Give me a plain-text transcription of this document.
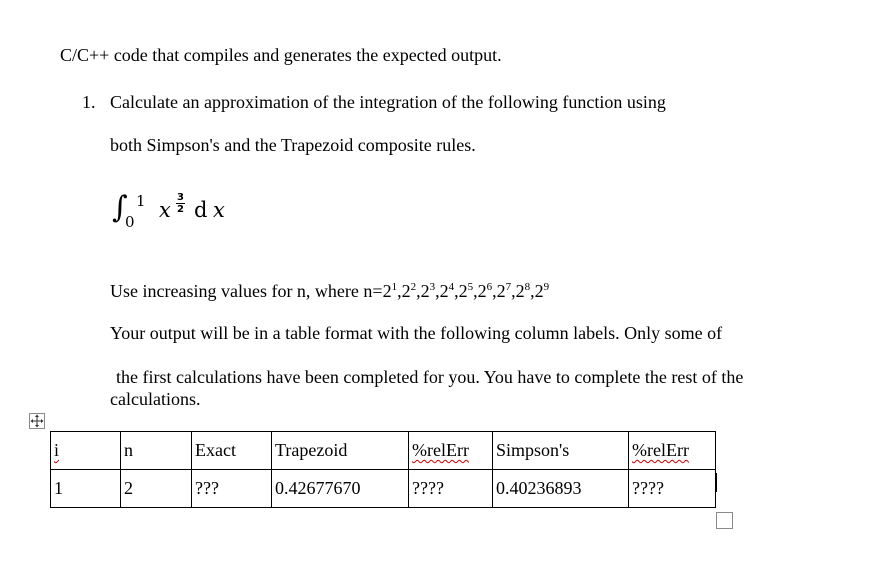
C/C++ code that compiles and generates the expected output.
1. Calculate an approximation of the integration of the following function using
both Simpson's and the Trapezoid composite rules.
∫
0
1 x
3
2 d x
Use increasing values for n, where $n=2^1,2^2,2^3,2^4,2^5,2^6,2^7,2^8,2^9$
Your output will be in a table format with the following column labels. Only some of
the first calculations have been completed for you. You have to complete the rest of the
calculations.
i	n	Exact	Trapezoid	%relErr	Simpson's	%relErr
1	2	???	0.42677670	????	0.40236893	????
